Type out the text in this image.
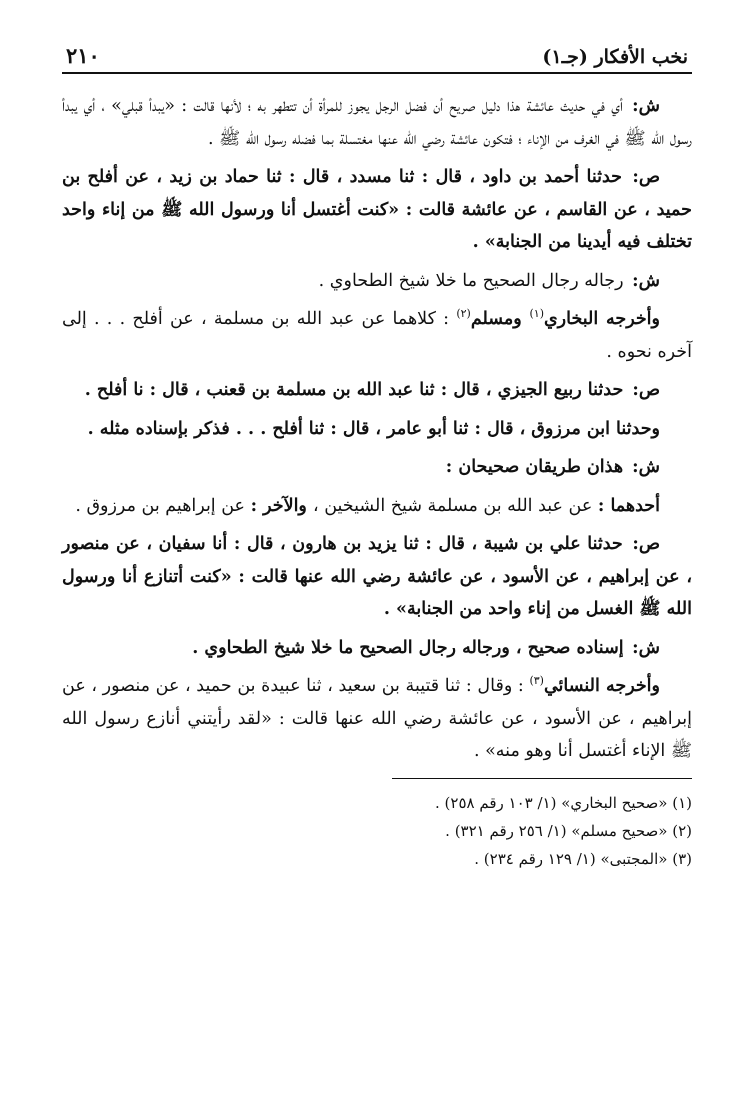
نخب الأفكار (جـ١)
٢١٠

ش: أي في حديث عائشة هذا دليل صريح أن فضل الرجل يجوز للمرأة أن تتطهر به ؛ لأنها قالت : «يبدأ قبلي» ، أي يبدأ رسول الله ﷺ في الغرف من الإناء ؛ فتكون عائشة رضي الله عنها مغتسلة بما فضله رسول الله ﷺ .

ص: حدثنا أحمد بن داود ، قال : ثنا مسدد ، قال : ثنا حماد بن زيد ، عن أفلح بن حميد ، عن القاسم ، عن عائشة قالت : «كنت أغتسل أنا ورسول الله ﷺ من إناء واحد تختلف فيه أيدينا من الجنابة» .

ش: رجاله رجال الصحيح ما خلا شيخ الطحاوي .

وأخرجه البخاري$^{(١)}$ ومسلم$^{(٢)}$ : كلاهما عن عبد الله بن مسلمة ، عن أفلح . . . إلى آخره نحوه .

ص: حدثنا ربيع الجيزي ، قال : ثنا عبد الله بن مسلمة بن قعنب ، قال : نا أفلح .

وحدثنا ابن مرزوق ، قال : ثنا أبو عامر ، قال : ثنا أفلح . . . فذكر بإسناده مثله .

ش: هذان طريقان صحيحان :

أحدهما : عن عبد الله بن مسلمة شيخ الشيخين ، والآخر : عن إبراهيم بن مرزوق .

ص: حدثنا علي بن شيبة ، قال : ثنا يزيد بن هارون ، قال : أنا سفيان ، عن منصور ، عن إبراهيم ، عن الأسود ، عن عائشة رضي الله عنها قالت : «كنت أتنازع أنا ورسول الله ﷺ الغسل من إناء واحد من الجنابة» .

ش: إسناده صحيح ، ورجاله رجال الصحيح ما خلا شيخ الطحاوي .

وأخرجه النسائي$^{(٣)}$ : وقال : ثنا قتيبة بن سعيد ، ثنا عبيدة بن حميد ، عن منصور ، عن إبراهيم ، عن الأسود ، عن عائشة رضي الله عنها قالت : «لقد رأيتني أنازع رسول الله ﷺ الإناء أغتسل أنا وهو منه» .

(١) «صحيح البخاري» (١/ ١٠٣ رقم ٢٥٨) .

(٢) «صحيح مسلم» (١/ ٢٥٦ رقم ٣٢١) .

(٣) «المجتبى» (١/ ١٢٩ رقم ٢٣٤) .
